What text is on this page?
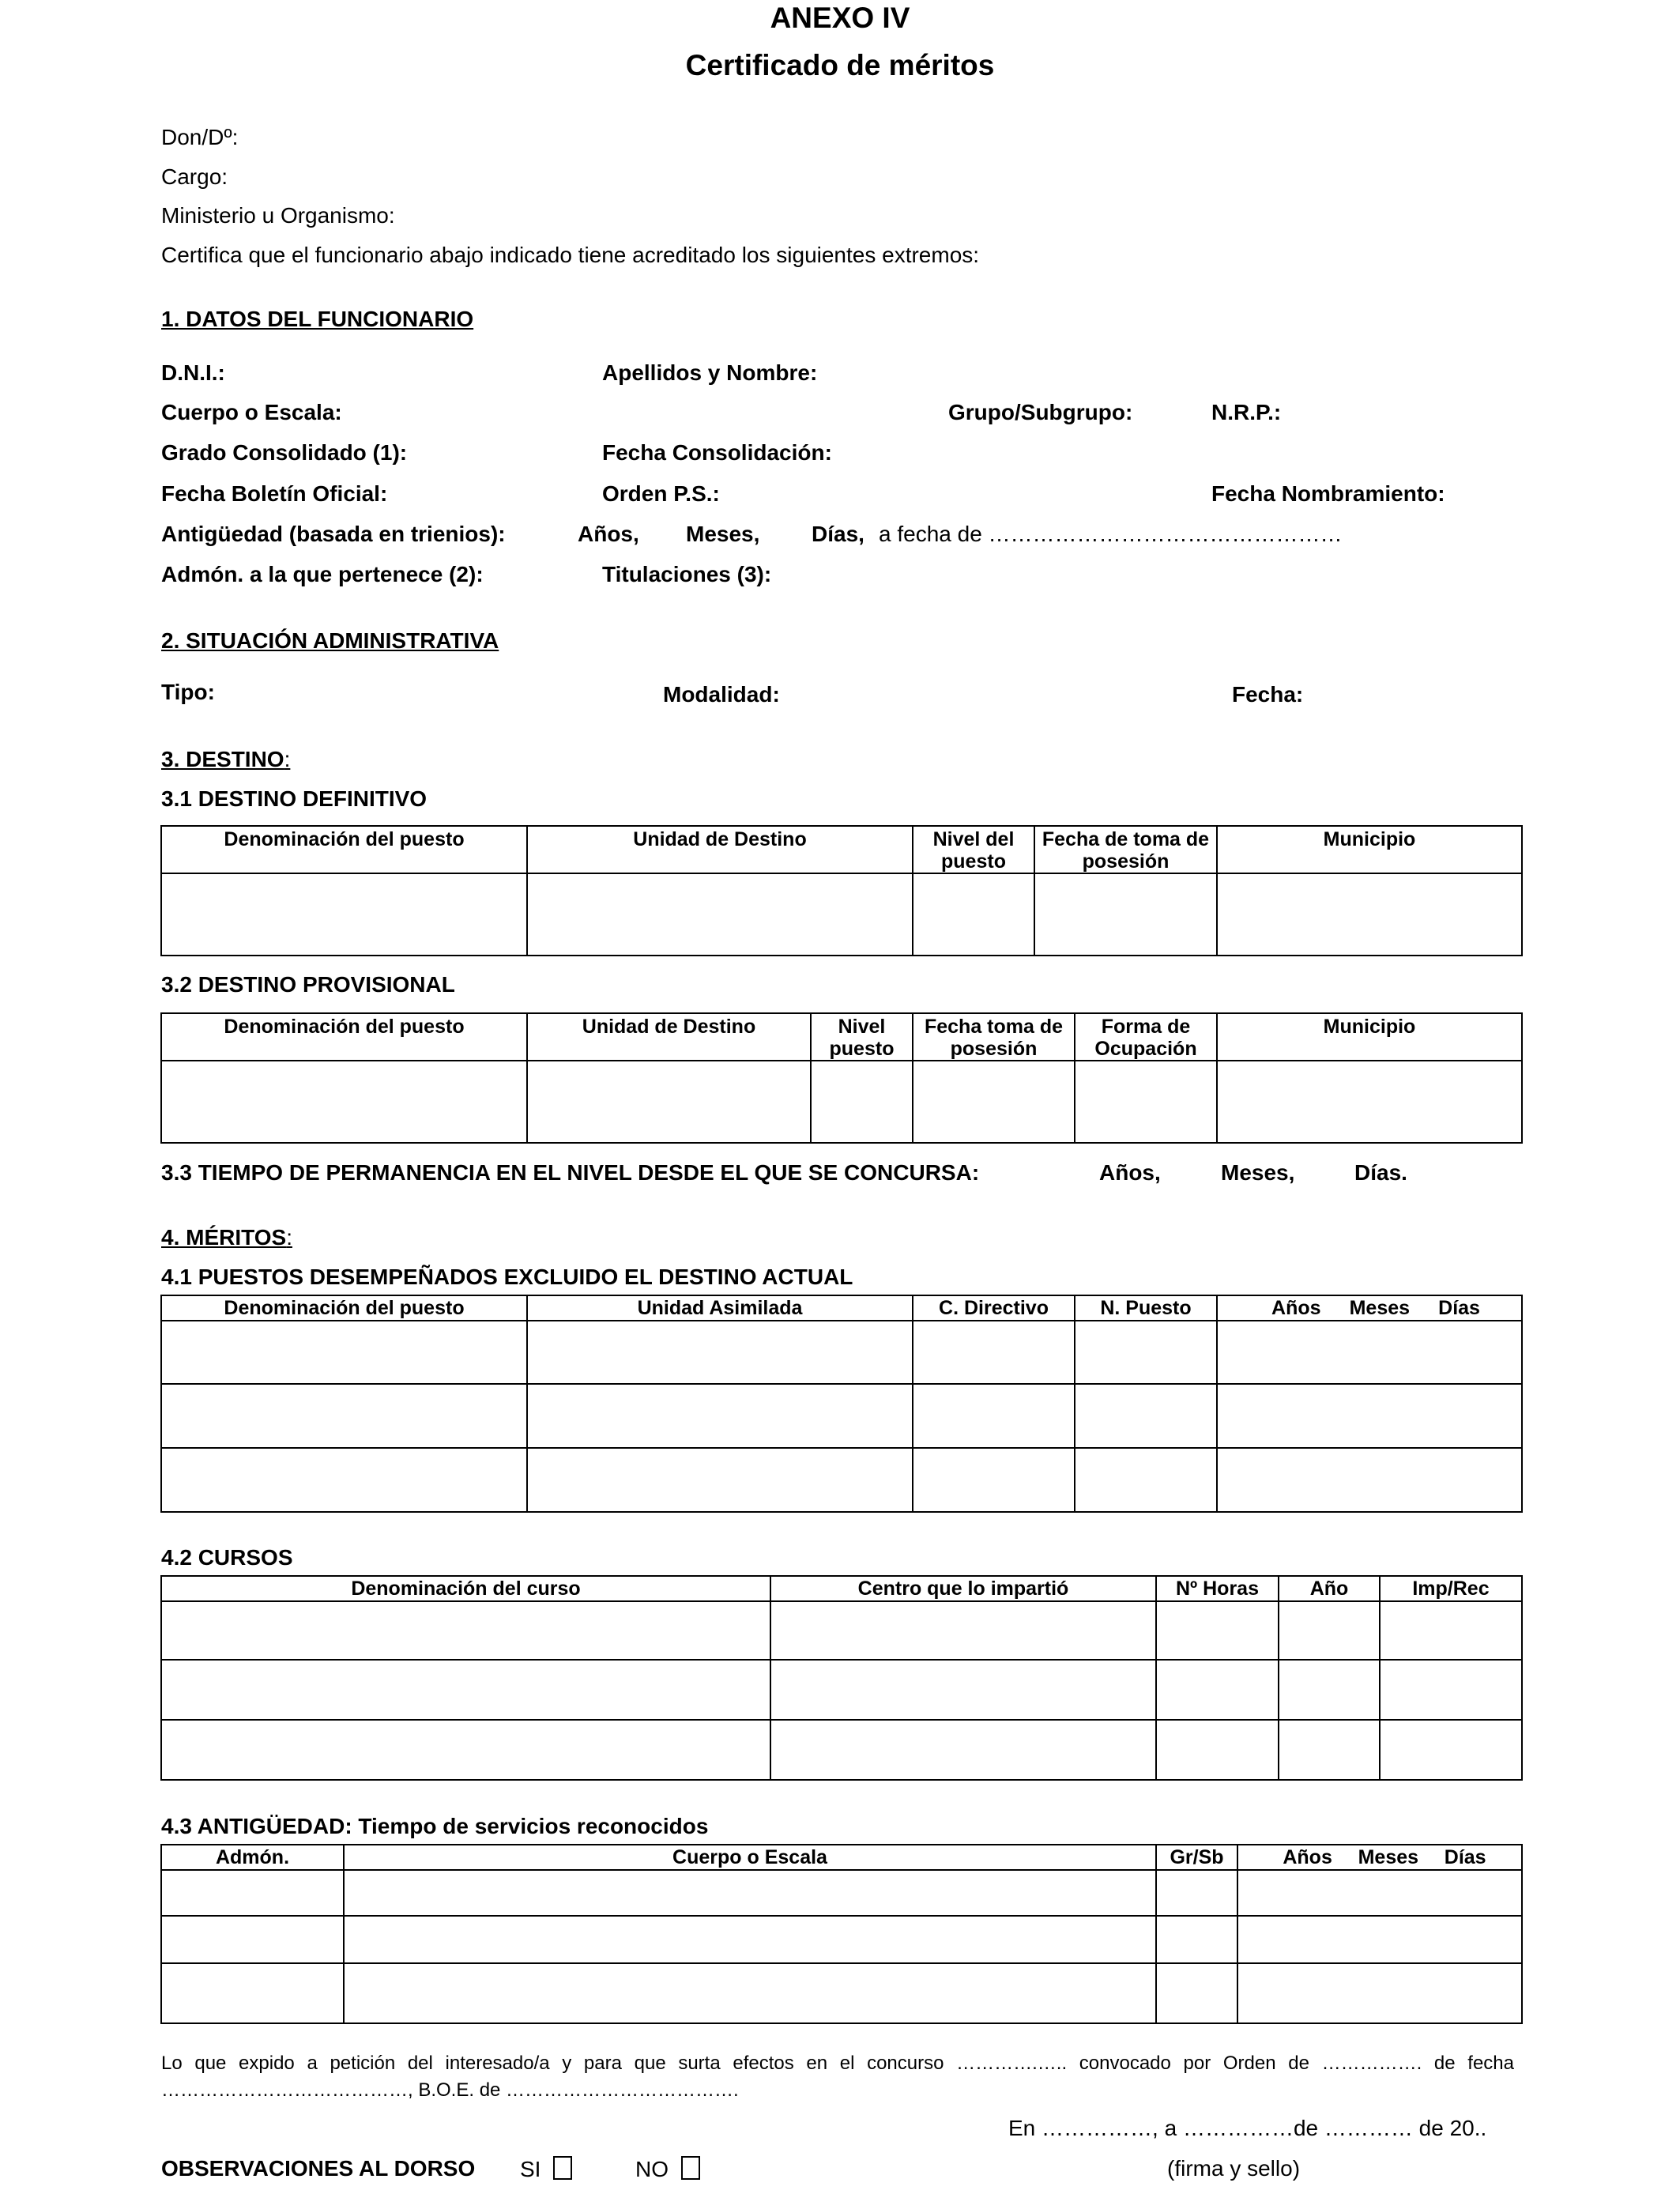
ANEXO IV
Certificado de méritos
Don/Dº:
Cargo:
Ministerio u Organismo:
Certifica que el funcionario abajo indicado tiene acreditado los siguientes extremos:
1. DATOS DEL FUNCIONARIO
D.N.I.:	Apellidos y Nombre:
Cuerpo o Escala:	Grupo/Subgrupo:	N.R.P.:
Grado Consolidado (1):	Fecha Consolidación:
Fecha Boletín Oficial:	Orden P.S.:	Fecha Nombramiento:
Antigüedad (basada en trienios):	Años, Meses, Días, a fecha de …………………………………………
Admón. a la que pertenece (2):	Titulaciones (3):
2. SITUACIÓN ADMINISTRATIVA
Tipo:	Modalidad:	Fecha:
3. DESTINO:
3.1 DESTINO DEFINITIVO
Denominación del puesto	Unidad de Destino	Nivel del puesto	Fecha de toma de posesión	Municipio

3.2 DESTINO PROVISIONAL
Denominación del puesto	Unidad de Destino	Nivel puesto	Fecha toma de posesión	Forma de Ocupación	Municipio

3.3 TIEMPO DE PERMANENCIA EN EL NIVEL DESDE EL QUE SE CONCURSA:	Años,	Meses,	Días.
4. MÉRITOS:
4.1 PUESTOS DESEMPEÑADOS EXCLUIDO EL DESTINO ACTUAL
Denominación del puesto	Unidad Asimilada	C. Directivo	N. Puesto	Años Meses Días

4.2 CURSOS
Denominación del curso	Centro que lo impartió	Nº Horas	Año	Imp/Rec

4.3 ANTIGÜEDAD: Tiempo de servicios reconocidos
Admón.	Cuerpo o Escala	Gr/Sb	Años Meses Días

Lo que expido a petición del interesado/a y para que surta efectos en el concurso ………….….. convocado por Orden de ……………. de fecha …………………………………, B.O.E. de ……………………………….
En ……………, a ……………de ………… de 20..
OBSERVACIONES AL DORSO SI	NO	(firma y sello)
